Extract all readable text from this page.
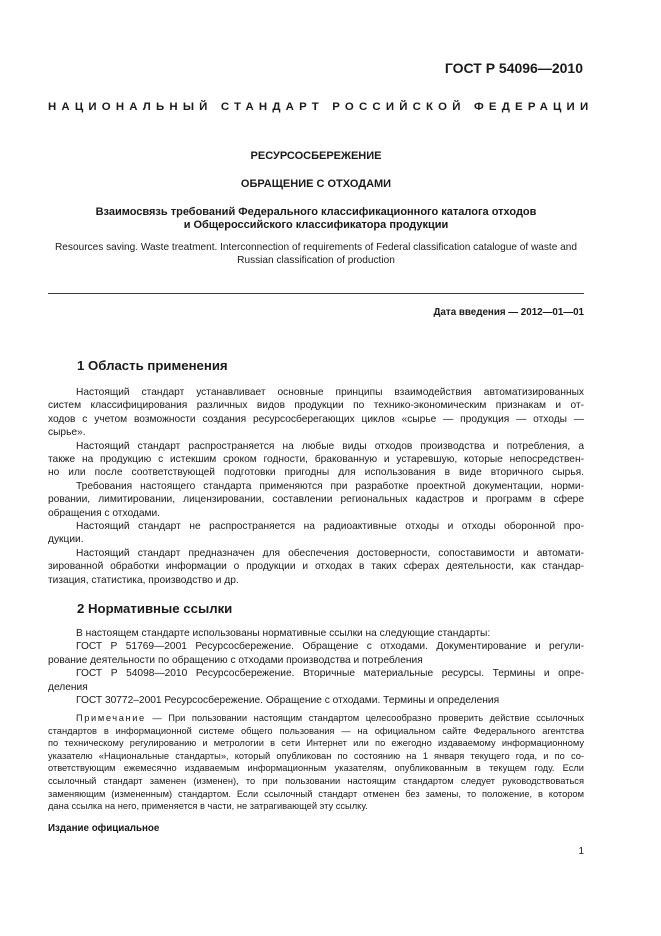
ГОСТ Р 54096—2010
НАЦИОНАЛЬНЫЙ СТАНДАРТ РОССИЙСКОЙ ФЕДЕРАЦИИ
РЕСУРСОСБЕРЕЖЕНИЕ
ОБРАЩЕНИЕ С ОТХОДАМИ
Взаимосвязь требований Федерального классификационного каталога отходов
и Общероссийского классификатора продукции
Resources saving. Waste treatment. Interconnection of requirements of Federal classification catalogue of waste and
Russian classification of production
Дата введения — 2012—01—01
1 Область применения

Настоящий стандарт устанавливает основные принципы взаимодействия автоматизированных

систем классифицирования различных видов продукции по технико-экономическим признакам и от-

ходов с учетом возможности создания ресурсосберегающих циклов «сырье — продукция — отходы —

сырье».

Настоящий стандарт распространяется на любые виды отходов производства и потребления, а

также на продукцию с истекшим сроком годности, бракованную и устаревшую, которые непосредствен-

но или после соответствующей подготовки пригодны для использования в виде вторичного сырья.

Требования настоящего стандарта применяются при разработке проектной документации, норми-

ровании, лимитировании, лицензировании, составлении региональных кадастров и программ в сфере

обращения с отходами.

Настоящий стандарт не распространяется на радиоактивные отходы и отходы оборонной про-

дукции.

Настоящий стандарт предназначен для обеспечения достоверности, сопоставимости и автомати-

зированной обработки информации о продукции и отходах в таких сферах деятельности, как стандар-

тизация, статистика, производство и др.

2 Нормативные ссылки

В настоящем стандарте использованы нормативные ссылки на следующие стандарты:

ГОСТ Р 51769—2001 Ресурсосбережение. Обращение с отходами. Документирование и регули-

рование деятельности по обращению с отходами производства и потребления

ГОСТ Р 54098—2010 Ресурсосбережение. Вторичные материальные ресурсы. Термины и опре-

деления

ГОСТ 30772–2001 Ресурсосбережение. Обращение с отходами. Термины и определения

Примечание — При пользовании настоящим стандартом целесообразно проверить действие ссылочных

стандартов в информационной системе общего пользования — на официальном сайте Федерального агентства

по техническому регулированию и метрологии в сети Интернет или по ежегодно издаваемому информационному

указателю «Национальные стандарты», который опубликован по состоянию на 1 января текущего года, и по со-

ответствующим ежемесячно издаваемым информационным указателям, опубликованным в текущем году. Если

ссылочный стандарт заменен (изменен), то при пользовании настоящим стандартом следует руководствоваться

заменяющим (измененным) стандартом. Если ссылочный стандарт отменен без замены, то положение, в котором

дана ссылка на него, применяется в части, не затрагивающей эту ссылку.

Издание официальное
1
